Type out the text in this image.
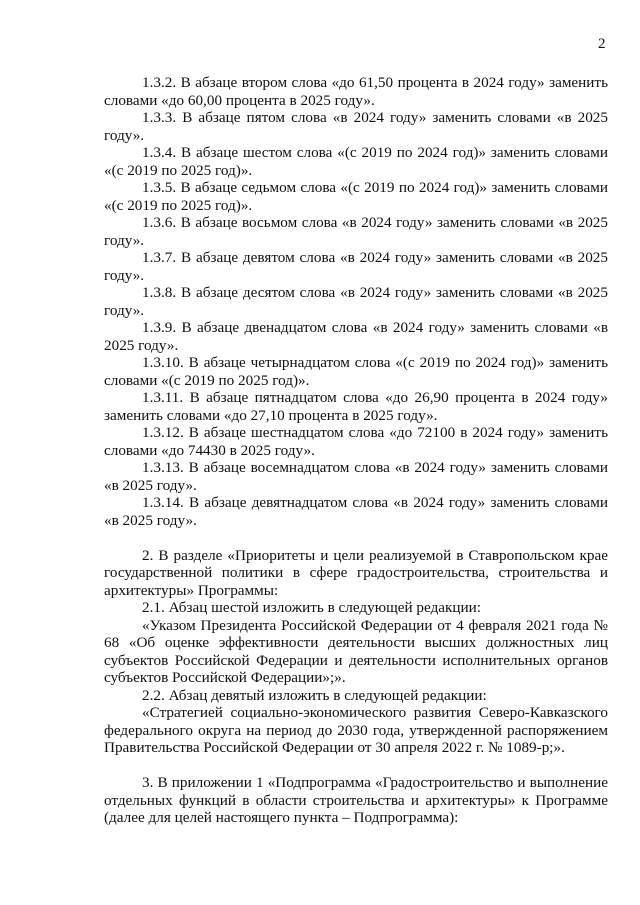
2

1.3.2. В абзаце втором слова «до 61,50 процента в 2024 году» заменить словами «до 60,00 процента в 2025 году».

1.3.3. В абзаце пятом слова «в 2024 году» заменить словами «в 2025 году».

1.3.4. В абзаце шестом слова «(с 2019 по 2024 год)» заменить словами «(с 2019 по 2025 год)».

1.3.5. В абзаце седьмом слова «(с 2019 по 2024 год)» заменить словами «(с 2019 по 2025 год)».

1.3.6. В абзаце восьмом слова «в 2024 году» заменить словами «в 2025 году».

1.3.7. В абзаце девятом слова «в 2024 году» заменить словами «в 2025 году».

1.3.8. В абзаце десятом слова «в 2024 году» заменить словами «в 2025 году».

1.3.9. В абзаце двенадцатом слова «в 2024 году» заменить словами «в 2025 году».

1.3.10. В абзаце четырнадцатом слова «(с 2019 по 2024 год)» заменить словами «(с 2019 по 2025 год)».

1.3.11. В абзаце пятнадцатом слова «до 26,90 процента в 2024 году» заменить словами «до 27,10 процента в 2025 году».

1.3.12. В абзаце шестнадцатом слова «до 72100 в 2024 году» заменить словами «до 74430 в 2025 году».

1.3.13. В абзаце восемнадцатом слова «в 2024 году» заменить словами «в 2025 году».

1.3.14. В абзаце девятнадцатом слова «в 2024 году» заменить словами «в 2025 году».

2. В разделе «Приоритеты и цели реализуемой в Ставропольском крае государственной политики в сфере градостроительства, строительства и архитектуры» Программы:

2.1. Абзац шестой изложить в следующей редакции:

«Указом Президента Российской Федерации от 4 февраля 2021 года № 68 «Об оценке эффективности деятельности высших должностных лиц субъектов Российской Федерации и деятельности исполнительных органов субъектов Российской Федерации»;».

2.2. Абзац девятый изложить в следующей редакции:

«Стратегией социально-экономического развития Северо-Кавказского федерального округа на период до 2030 года, утвержденной распоряжением Правительства Российской Федерации от 30 апреля 2022 г. № 1089-р;».

3. В приложении 1 «Подпрограмма «Градостроительство и выполнение отдельных функций в области строительства и архитектуры» к Программе (далее для целей настоящего пункта – Подпрограмма):
